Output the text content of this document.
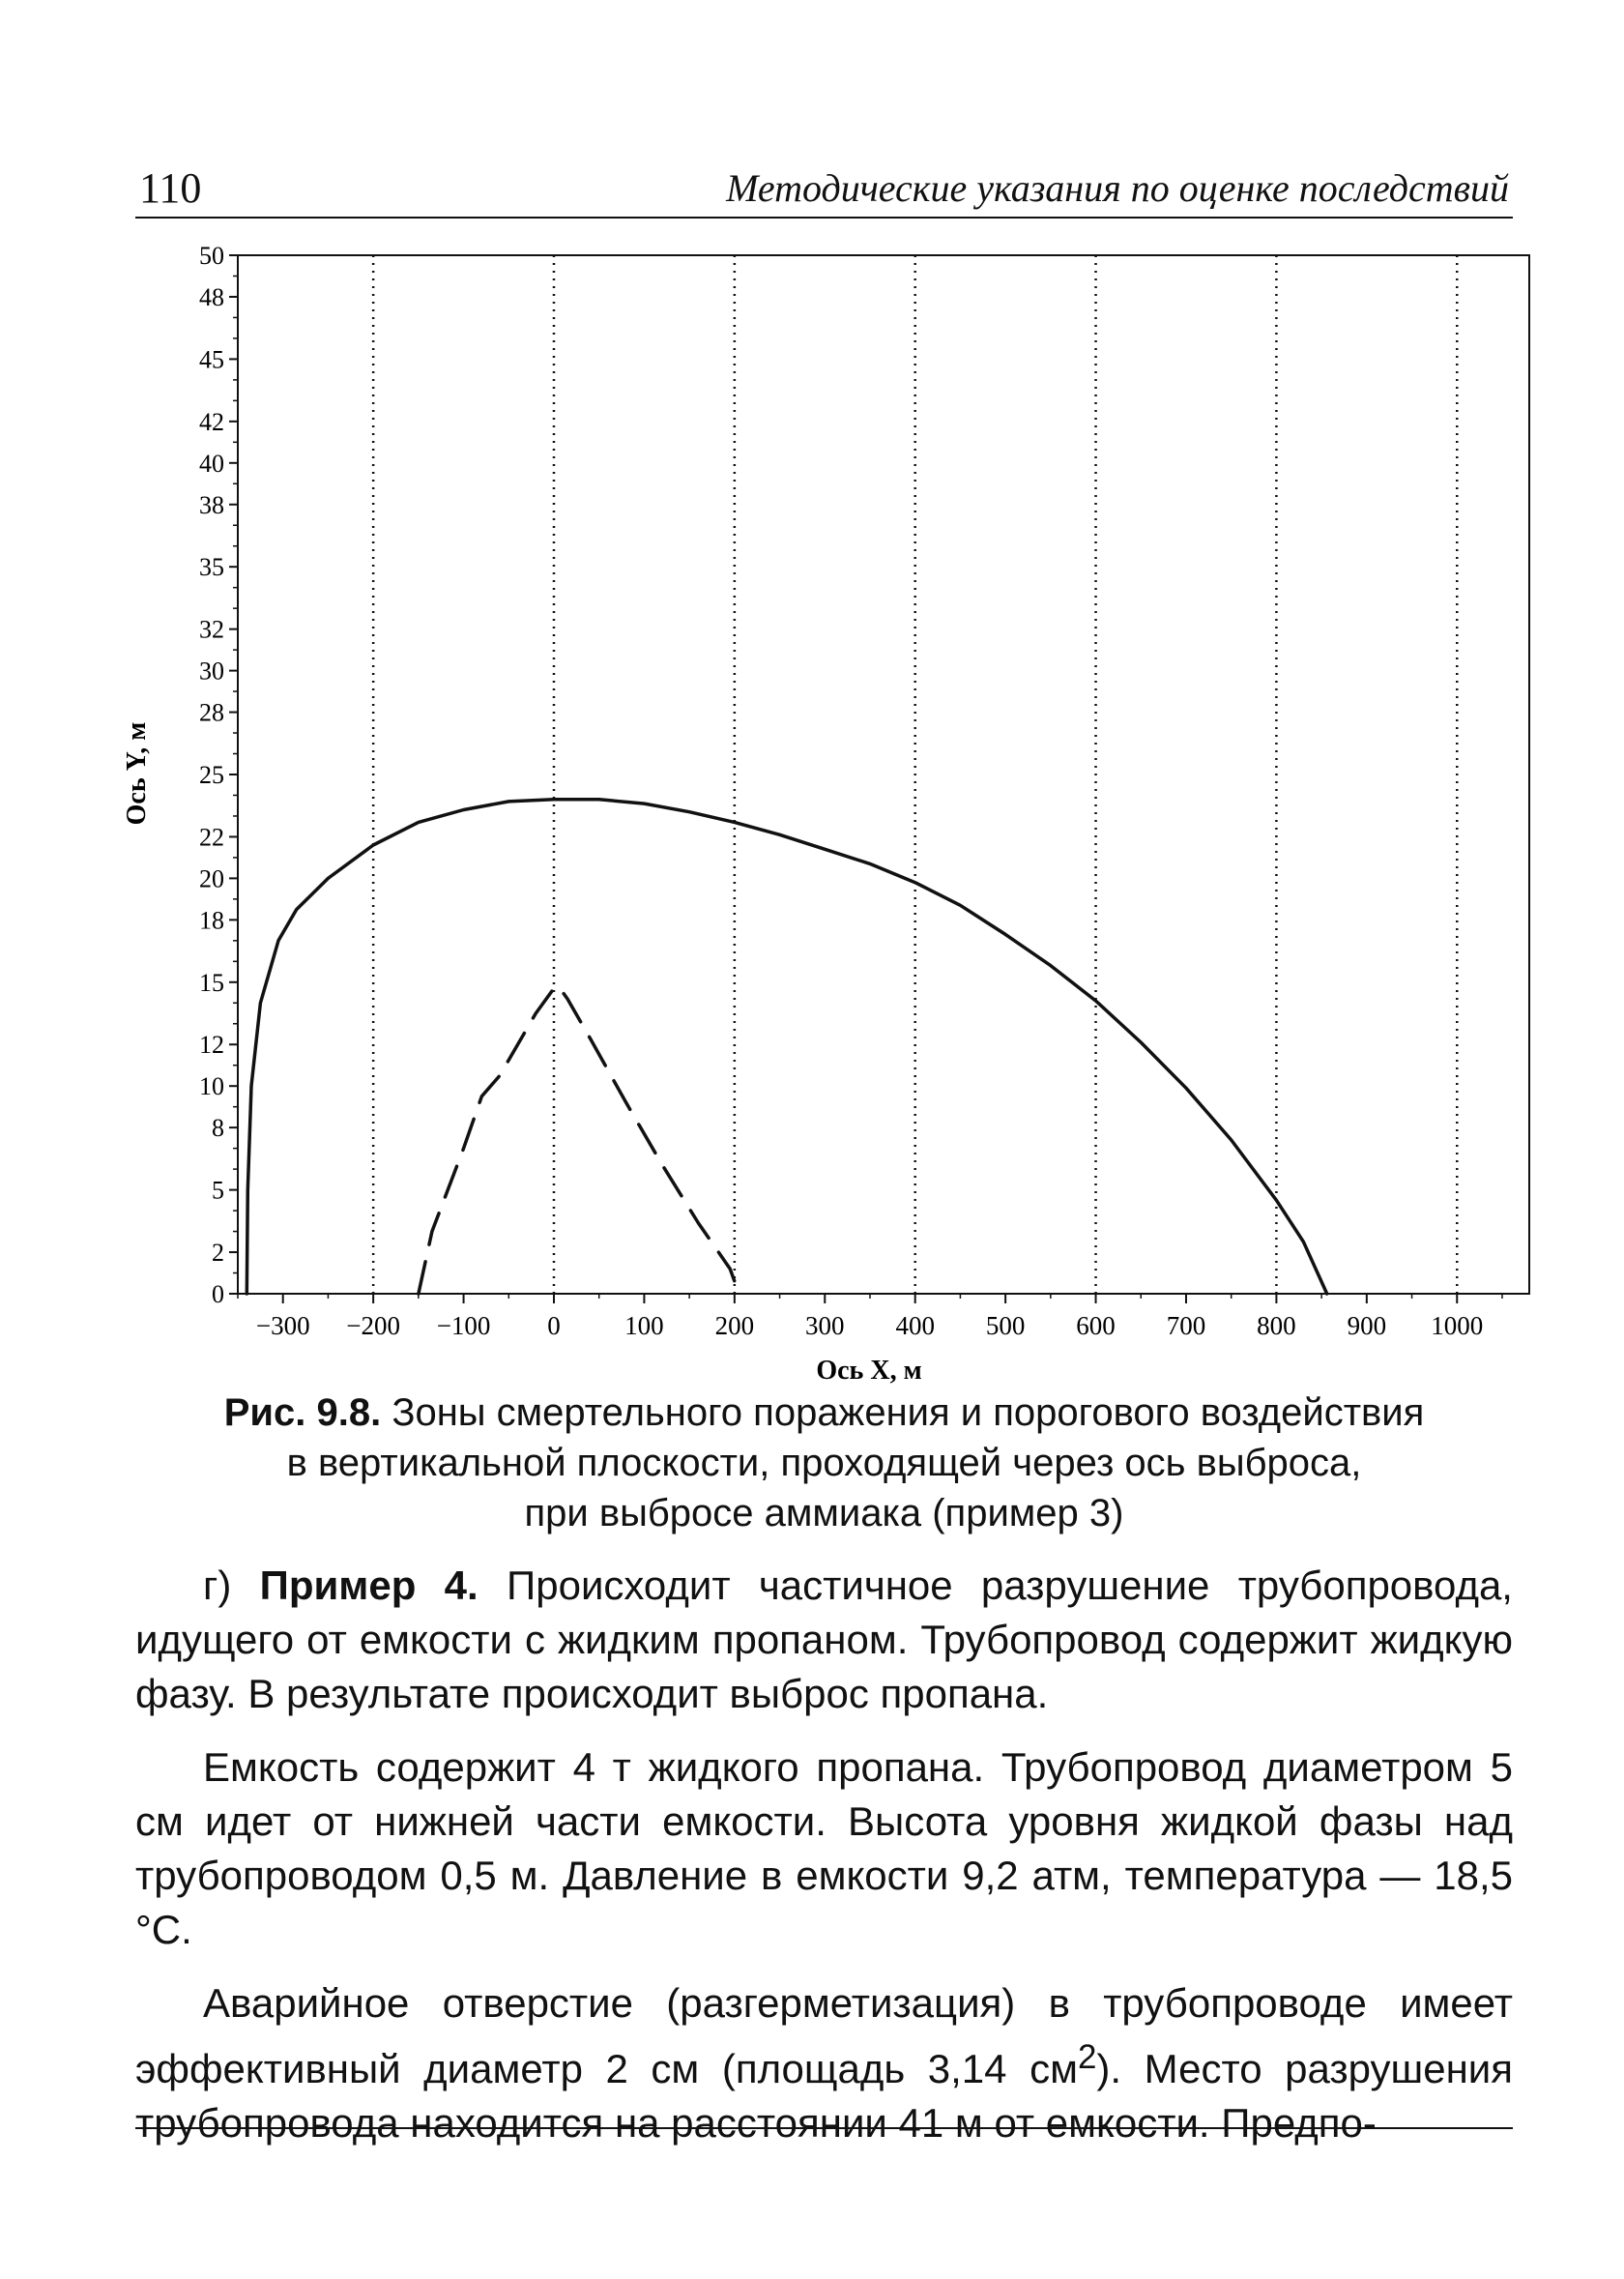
110	Методические указания по оценке последствий
−300 −200 −100 0 100 200 300 400 500 600 700 800 900 1000
0
2
5
8
10
12
15
18
20
22
25
28
30
32
35
38
40
42
45
48
50
Ось X, м
Ось Y, м
Рис. 9.8. Зоны смертельного поражения и порогового воздействия
в вертикальной плоскости, проходящей через ось выброса,
при выбросе аммиака (пример 3)

г) Пример 4. Происходит частичное разрушение трубопровода, идущего от емкости с жидким пропаном. Трубопровод содержит жидкую фазу. В результате происходит выброс пропана.

Емкость содержит 4 т жидкого пропана. Трубопровод диаметром 5 см идет от нижней части емкости. Высота уровня жидкой фазы над трубопроводом 0,5 м. Давление в емкости 9,2 атм, температура — 18,5 °С.

Аварийное отверстие (разгерметизация) в трубопроводе имеет эффективный диаметр 2 см (площадь 3,14 $см^2$). Место разрушения трубопровода находится на расстоянии 41 м от емкости. Предпо-
